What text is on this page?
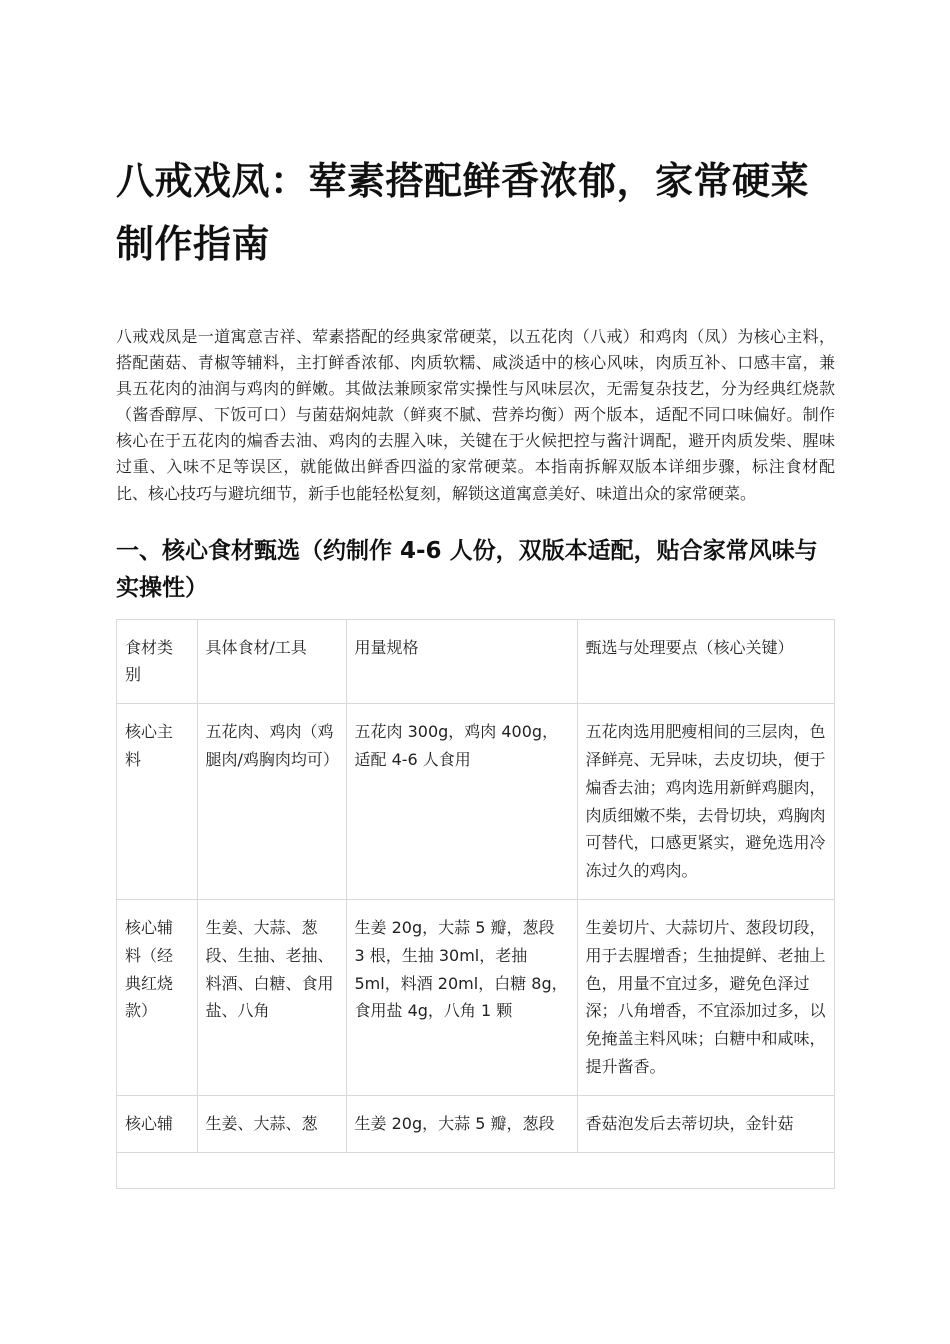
八戒戏凤：荤素搭配鲜香浓郁，家常硬菜制作指南

八戒戏凤是一道寓意吉祥、荤素搭配的经典家常硬菜，以五花肉（八戒）和鸡肉（凤）为核心主料，搭配菌菇、青椒等辅料，主打鲜香浓郁、肉质软糯、咸淡适中的核心风味，肉质互补、口感丰富，兼具五花肉的油润与鸡肉的鲜嫩。其做法兼顾家常实操性与风味层次，无需复杂技艺，分为经典红烧款（酱香醇厚、下饭可口）与菌菇焖炖款（鲜爽不腻、营养均衡）两个版本，适配不同口味偏好。制作核心在于五花肉的煸香去油、鸡肉的去腥入味，关键在于火候把控与酱汁调配，避开肉质发柴、腥味过重、入味不足等误区，就能做出鲜香四溢的家常硬菜。本指南拆解双版本详细步骤，标注食材配比、核心技巧与避坑细节，新手也能轻松复刻，解锁这道寓意美好、味道出众的家常硬菜。

一、核心食材甄选（约制作 4-6 人份，双版本适配，贴合家常风味与实操性）
食材类别	具体食材/工具	用量规格	甄选与处理要点（核心关键）
核心主料	五花肉、鸡肉（鸡腿肉/鸡胸肉均可）	五花肉 300g，鸡肉 400g，适配 4-6 人食用	五花肉选用肥瘦相间的三层肉，色泽鲜亮、无异味，去皮切块，便于煸香去油；鸡肉选用新鲜鸡腿肉，肉质细嫩不柴，去骨切块，鸡胸肉可替代，口感更紧实，避免选用冷冻过久的鸡肉。
核心辅料（经典红烧款）	生姜、大蒜、葱段、生抽、老抽、料酒、白糖、食用盐、八角	生姜 20g，大蒜 5 瓣，葱段 3 根，生抽 30ml，老抽 5ml，料酒 20ml，白糖 8g，食用盐 4g，八角 1 颗	生姜切片、大蒜切片、葱段切段，用于去腥增香；生抽提鲜、老抽上色，用量不宜过多，避免色泽过深；八角增香，不宜添加过多，以免掩盖主料风味；白糖中和咸味，提升酱香。
核心辅	生姜、大蒜、葱	生姜 20g，大蒜 5 瓣，葱段	香菇泡发后去蒂切块，金针菇
